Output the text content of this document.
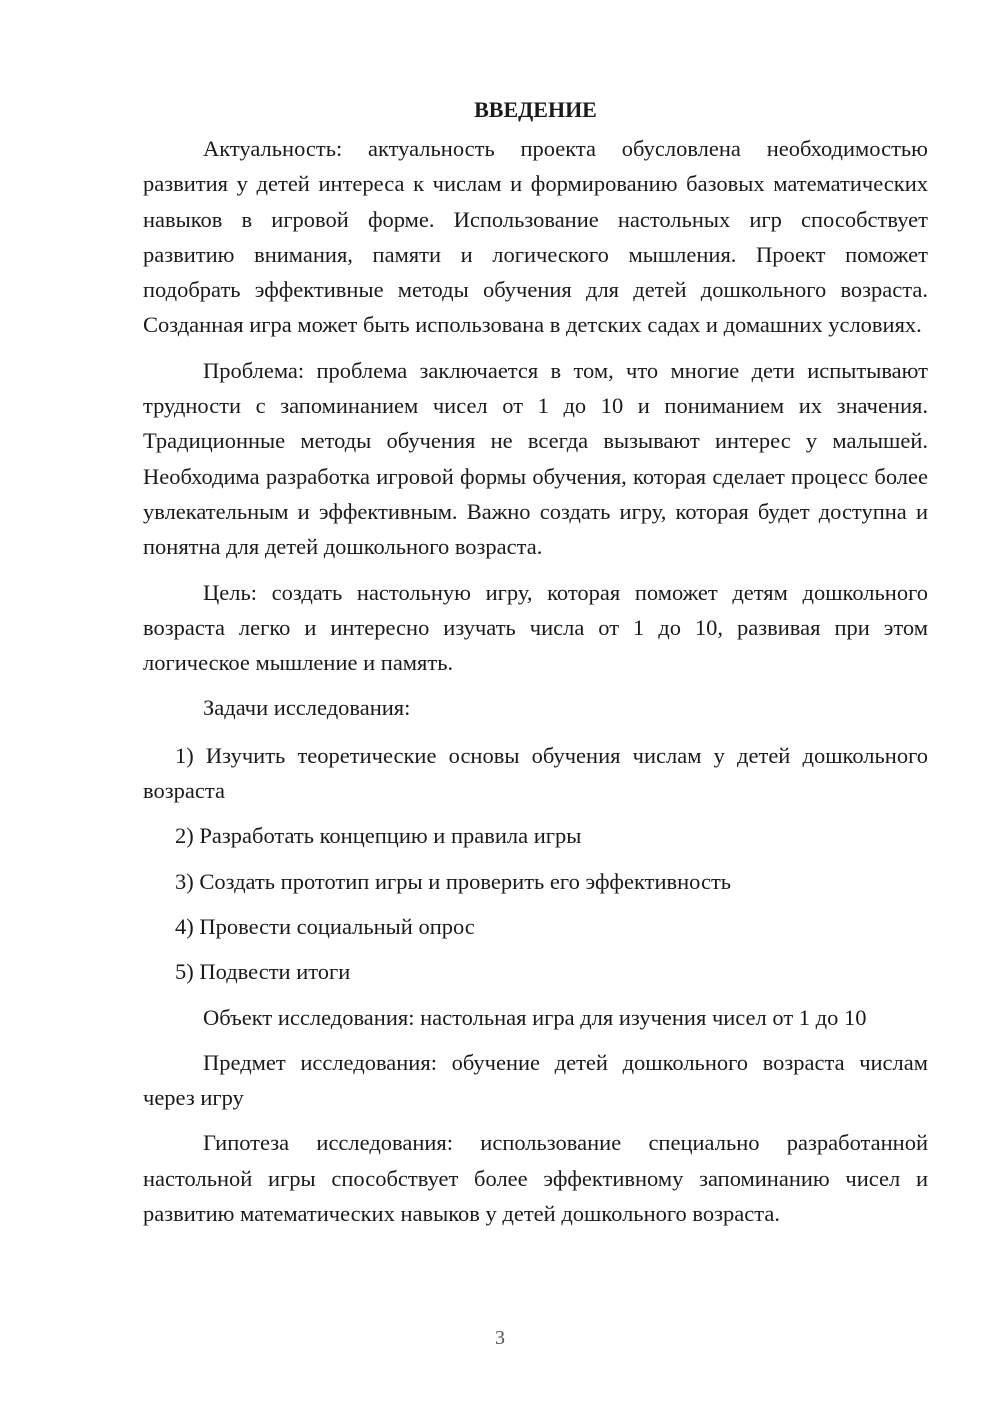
ВВЕДЕНИЕ

Актуальность: актуальность проекта обусловлена необходимостью развития у детей интереса к числам и формированию базовых математических навыков в игровой форме. Использование настольных игр способствует развитию внимания, памяти и логического мышления. Проект поможет подобрать эффективные методы обучения для детей дошкольного возраста. Созданная игра может быть использована в детских садах и домашних условиях.

Проблема: проблема заключается в том, что многие дети испытывают трудности с запоминанием чисел от 1 до 10 и пониманием их значения. Традиционные методы обучения не всегда вызывают интерес у малышей. Необходима разработка игровой формы обучения, которая сделает процесс более увлекательным и эффективным. Важно создать игру, которая будет доступна и понятна для детей дошкольного возраста.

Цель: создать настольную игру, которая поможет детям дошкольного возраста легко и интересно изучать числа от 1 до 10, развивая при этом логическое мышление и память.

Задачи исследования:

1) Изучить теоретические основы обучения числам у детей дошкольного возраста
2) Разработать концепцию и правила игры
3) Создать прототип игры и проверить его эффективность
4) Провести социальный опрос
5) Подвести итоги

Объект исследования: настольная игра для изучения чисел от 1 до 10

Предмет исследования: обучение детей дошкольного возраста числам через игру

Гипотеза исследования: использование специально разработанной настольной игры способствует более эффективному запоминанию чисел и развитию математических навыков у детей дошкольного возраста.

3
